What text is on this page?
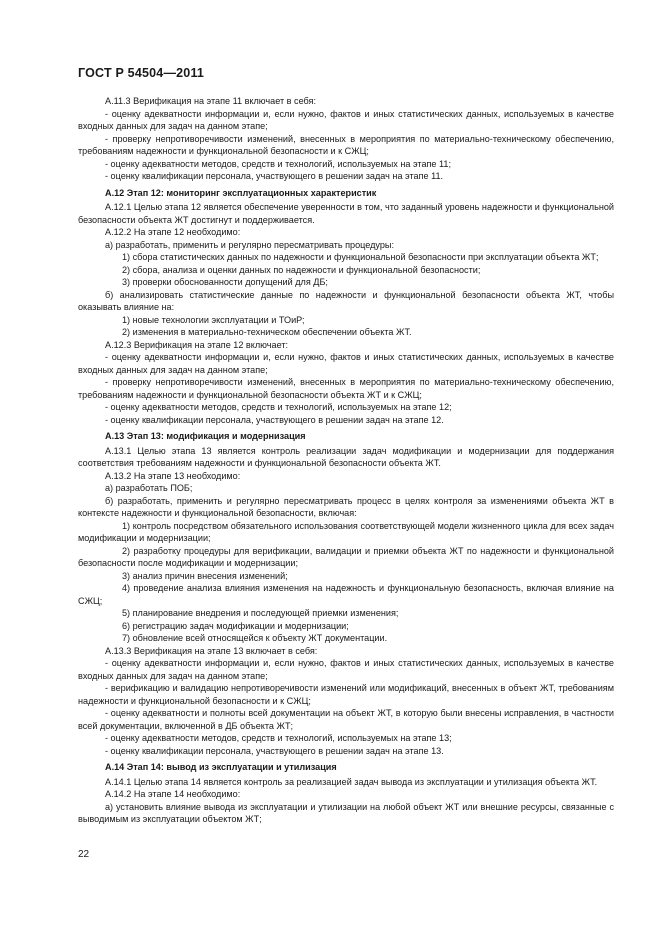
ГОСТ Р 54504—2011

А.11.3 Верификация на этапе 11 включает в себя:

- оценку адекватности информации и, если нужно, фактов и иных статистических данных, используемых в качестве входных данных для задач на данном этапе;

- проверку непротиворечивости изменений, внесенных в мероприятия по материально-техническому обеспечению, требованиям надежности и функциональной безопасности и к СЖЦ;

- оценку адекватности методов, средств и технологий, используемых на этапе 11;

- оценку квалификации персонала, участвующего в решении задач на этапе 11.

А.12 Этап 12: мониторинг эксплуатационных характеристик

А.12.1 Целью этапа 12 является обеспечение уверенности в том, что заданный уровень надежности и функциональной безопасности объекта ЖТ достигнут и поддерживается.

А.12.2 На этапе 12 необходимо:

а) разработать, применить и регулярно пересматривать процедуры:

1) сбора статистических данных по надежности и функциональной безопасности при эксплуатации объекта ЖТ;

2) сбора, анализа и оценки данных по надежности и функциональной безопасности;

3) проверки обоснованности допущений для ДБ;

б) анализировать статистические данные по надежности и функциональной безопасности объекта ЖТ, чтобы оказывать влияние на:

1) новые технологии эксплуатации и ТОиР;

2) изменения в материально-техническом обеспечении объекта ЖТ.

А.12.3 Верификация на этапе 12 включает:

- оценку адекватности информации и, если нужно, фактов и иных статистических данных, используемых в качестве входных данных для задач на данном этапе;

- проверку непротиворечивости изменений, внесенных в мероприятия по материально-техническому обеспечению, требованиям надежности и функциональной безопасности объекта ЖТ и к СЖЦ;

- оценку адекватности методов, средств и технологий, используемых на этапе 12;

- оценку квалификации персонала, участвующего в решении задач на этапе 12.

А.13 Этап 13: модификация и модернизация

А.13.1 Целью этапа 13 является контроль реализации задач модификации и модернизации для поддержания соответствия требованиям надежности и функциональной безопасности объекта ЖТ.

А.13.2 На этапе 13 необходимо:

а) разработать ПОБ;

б) разработать, применить и регулярно пересматривать процесс в целях контроля за изменениями объекта ЖТ в контексте надежности и функциональной безопасности, включая:

1) контроль посредством обязательного использования соответствующей модели жизненного цикла для всех задач модификации и модернизации;

2) разработку процедуры для верификации, валидации и приемки объекта ЖТ по надежности и функциональной безопасности после модификации и модернизации;

3) анализ причин внесения изменений;

4) проведение анализа влияния изменения на надежность и функциональную безопасность, включая влияние на СЖЦ;

5) планирование внедрения и последующей приемки изменения;

6) регистрацию задач модификации и модернизации;

7) обновление всей относящейся к объекту ЖТ документации.

А.13.3 Верификация на этапе 13 включает в себя:

- оценку адекватности информации и, если нужно, фактов и иных статистических данных, используемых в качестве входных данных для задач на данном этапе;

- верификацию и валидацию непротиворечивости изменений или модификаций, внесенных в объект ЖТ, требованиям надежности и функциональной безопасности и к СЖЦ;

- оценку адекватности и полноты всей документации на объект ЖТ, в которую были внесены исправления, в частности всей документации, включенной в ДБ объекта ЖТ;

- оценку адекватности методов, средств и технологий, используемых на этапе 13;

- оценку квалификации персонала, участвующего в решении задач на этапе 13.

А.14 Этап 14: вывод из эксплуатации и утилизация

А.14.1 Целью этапа 14 является контроль за реализацией задач вывода из эксплуатации и утилизация объекта ЖТ.

А.14.2 На этапе 14 необходимо:

а) установить влияние вывода из эксплуатации и утилизации на любой объект ЖТ или внешние ресурсы, связанные с выводимым из эксплуатации объектом ЖТ;

22
